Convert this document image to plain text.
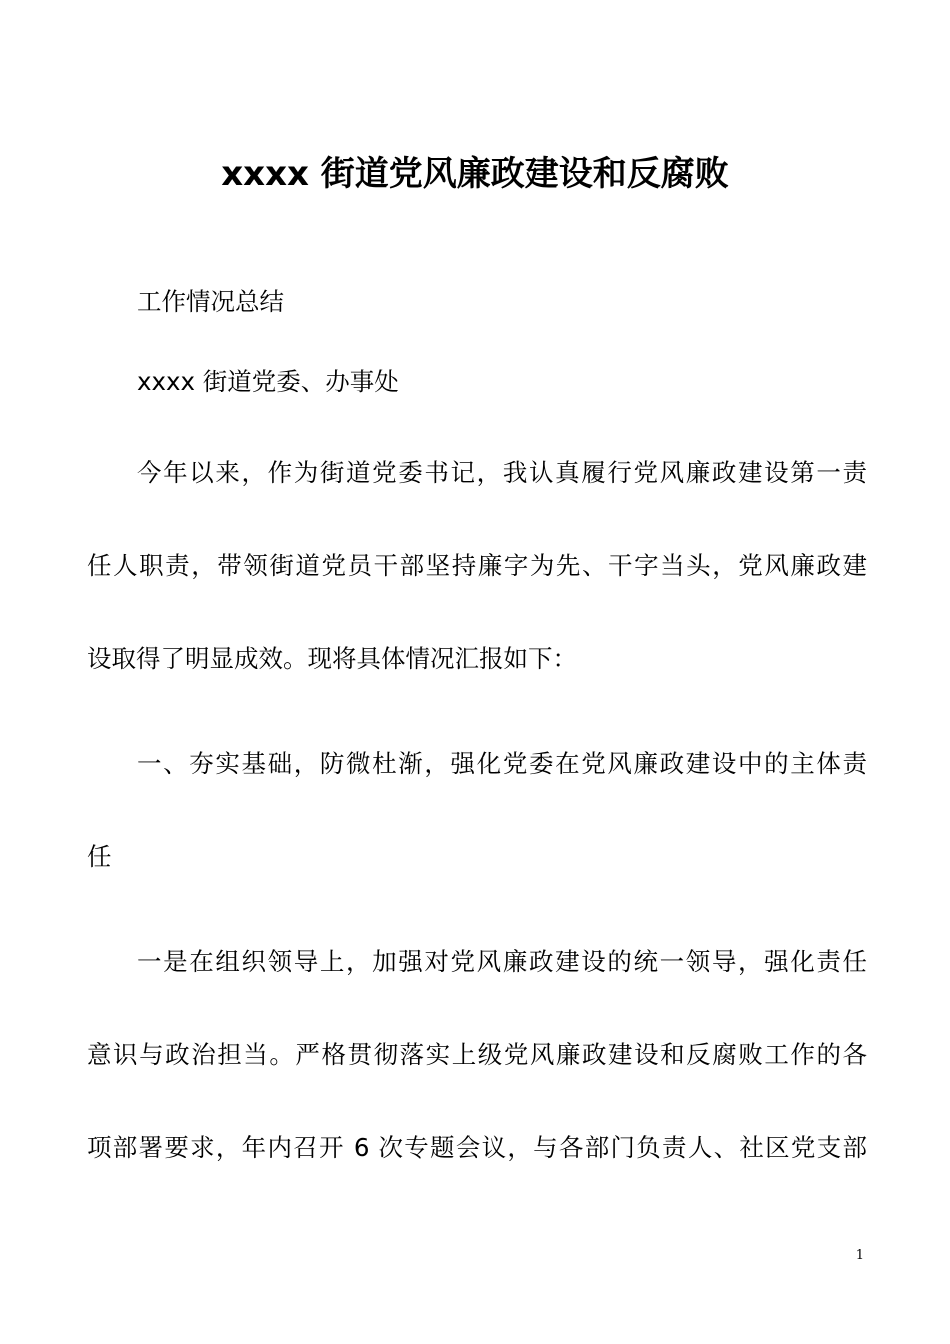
xxxx 街道党风廉政建设和反腐败
工作情况总结
xxxx 街道党委、办事处
今年以来，作为街道党委书记，我认真履行党风廉政建设第一责
任人职责，带领街道党员干部坚持廉字为先、干字当头，党风廉政建
设取得了明显成效。现将具体情况汇报如下：
一、夯实基础，防微杜渐，强化党委在党风廉政建设中的主体责
任
一是在组织领导上，加强对党风廉政建设的统一领导，强化责任
意识与政治担当。严格贯彻落实上级党风廉政建设和反腐败工作的各
项部署要求，年内召开 6 次专题会议，与各部门负责人、社区党支部
1
